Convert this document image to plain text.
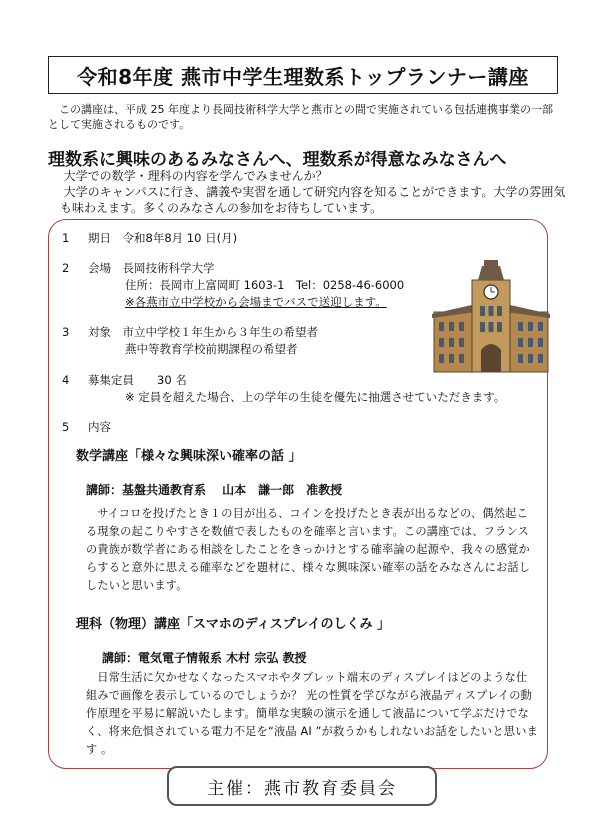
令和8年度 燕市中学生理数系トップランナー講座
この講座は、平成 25 年度より長岡技術科学大学と燕市との間で実施されている包括連携事業の一部として実施されるものです。
理数系に興味のあるみなさんへ、理数系が得意なみなさんへ

大学での数学・理科の内容を学んでみませんか？

大学のキャンパスに行き、講義や実習を通して研究内容を知ることができます。大学の雰囲気も味わえます。多くのみなさんの参加をお待ちしています。

1 期日　令和8年8月 10 日(月)
2 会場　長岡技術科学大学
住所：長岡市上富岡町 1603-1　Tel：0258-46-6000
※各燕市立中学校から会場までバスで送迎します。
3 対象　市立中学校１年生から３年生の希望者
燕中等教育学校前期課程の希望者
4 募集定員　　30 名
※ 定員を超えた場合、上の学年の生徒を優先に抽選させていただきます。
5 内容
数学講座「様々な興味深い確率の話 」
講師：基盤共通教育系　 山本　謙一郎　准教授
サイコロを投げたとき１の目が出る、コインを投げたとき表が出るなどの、偶然起こる現象の起こりやすさを数値で表したものを確率と言います。この講座では、フランスの貴族が数学者にある相談をしたことをきっかけとする確率論の起源や、我々の感覚からすると意外に思える確率などを題材に、様々な興味深い確率の話をみなさんにお話ししたいと思います。
理科（物理）講座「スマホのディスプレイのしくみ 」
講師：電気電子情報系 木村 宗弘 教授
日常生活に欠かせなくなったスマホやタブレット端末のディスプレイはどのような仕組みで画像を表示しているのでしょうか？ 光の性質を学びながら液晶ディスプレイの動作原理を平易に解説いたします。簡単な実験の演示を通して液晶について学ぶだけでなく、将来危惧されている電力不足を“液晶 AI ”が救うかもしれないお話をしたいと思います 。
主催：燕市教育委員会
